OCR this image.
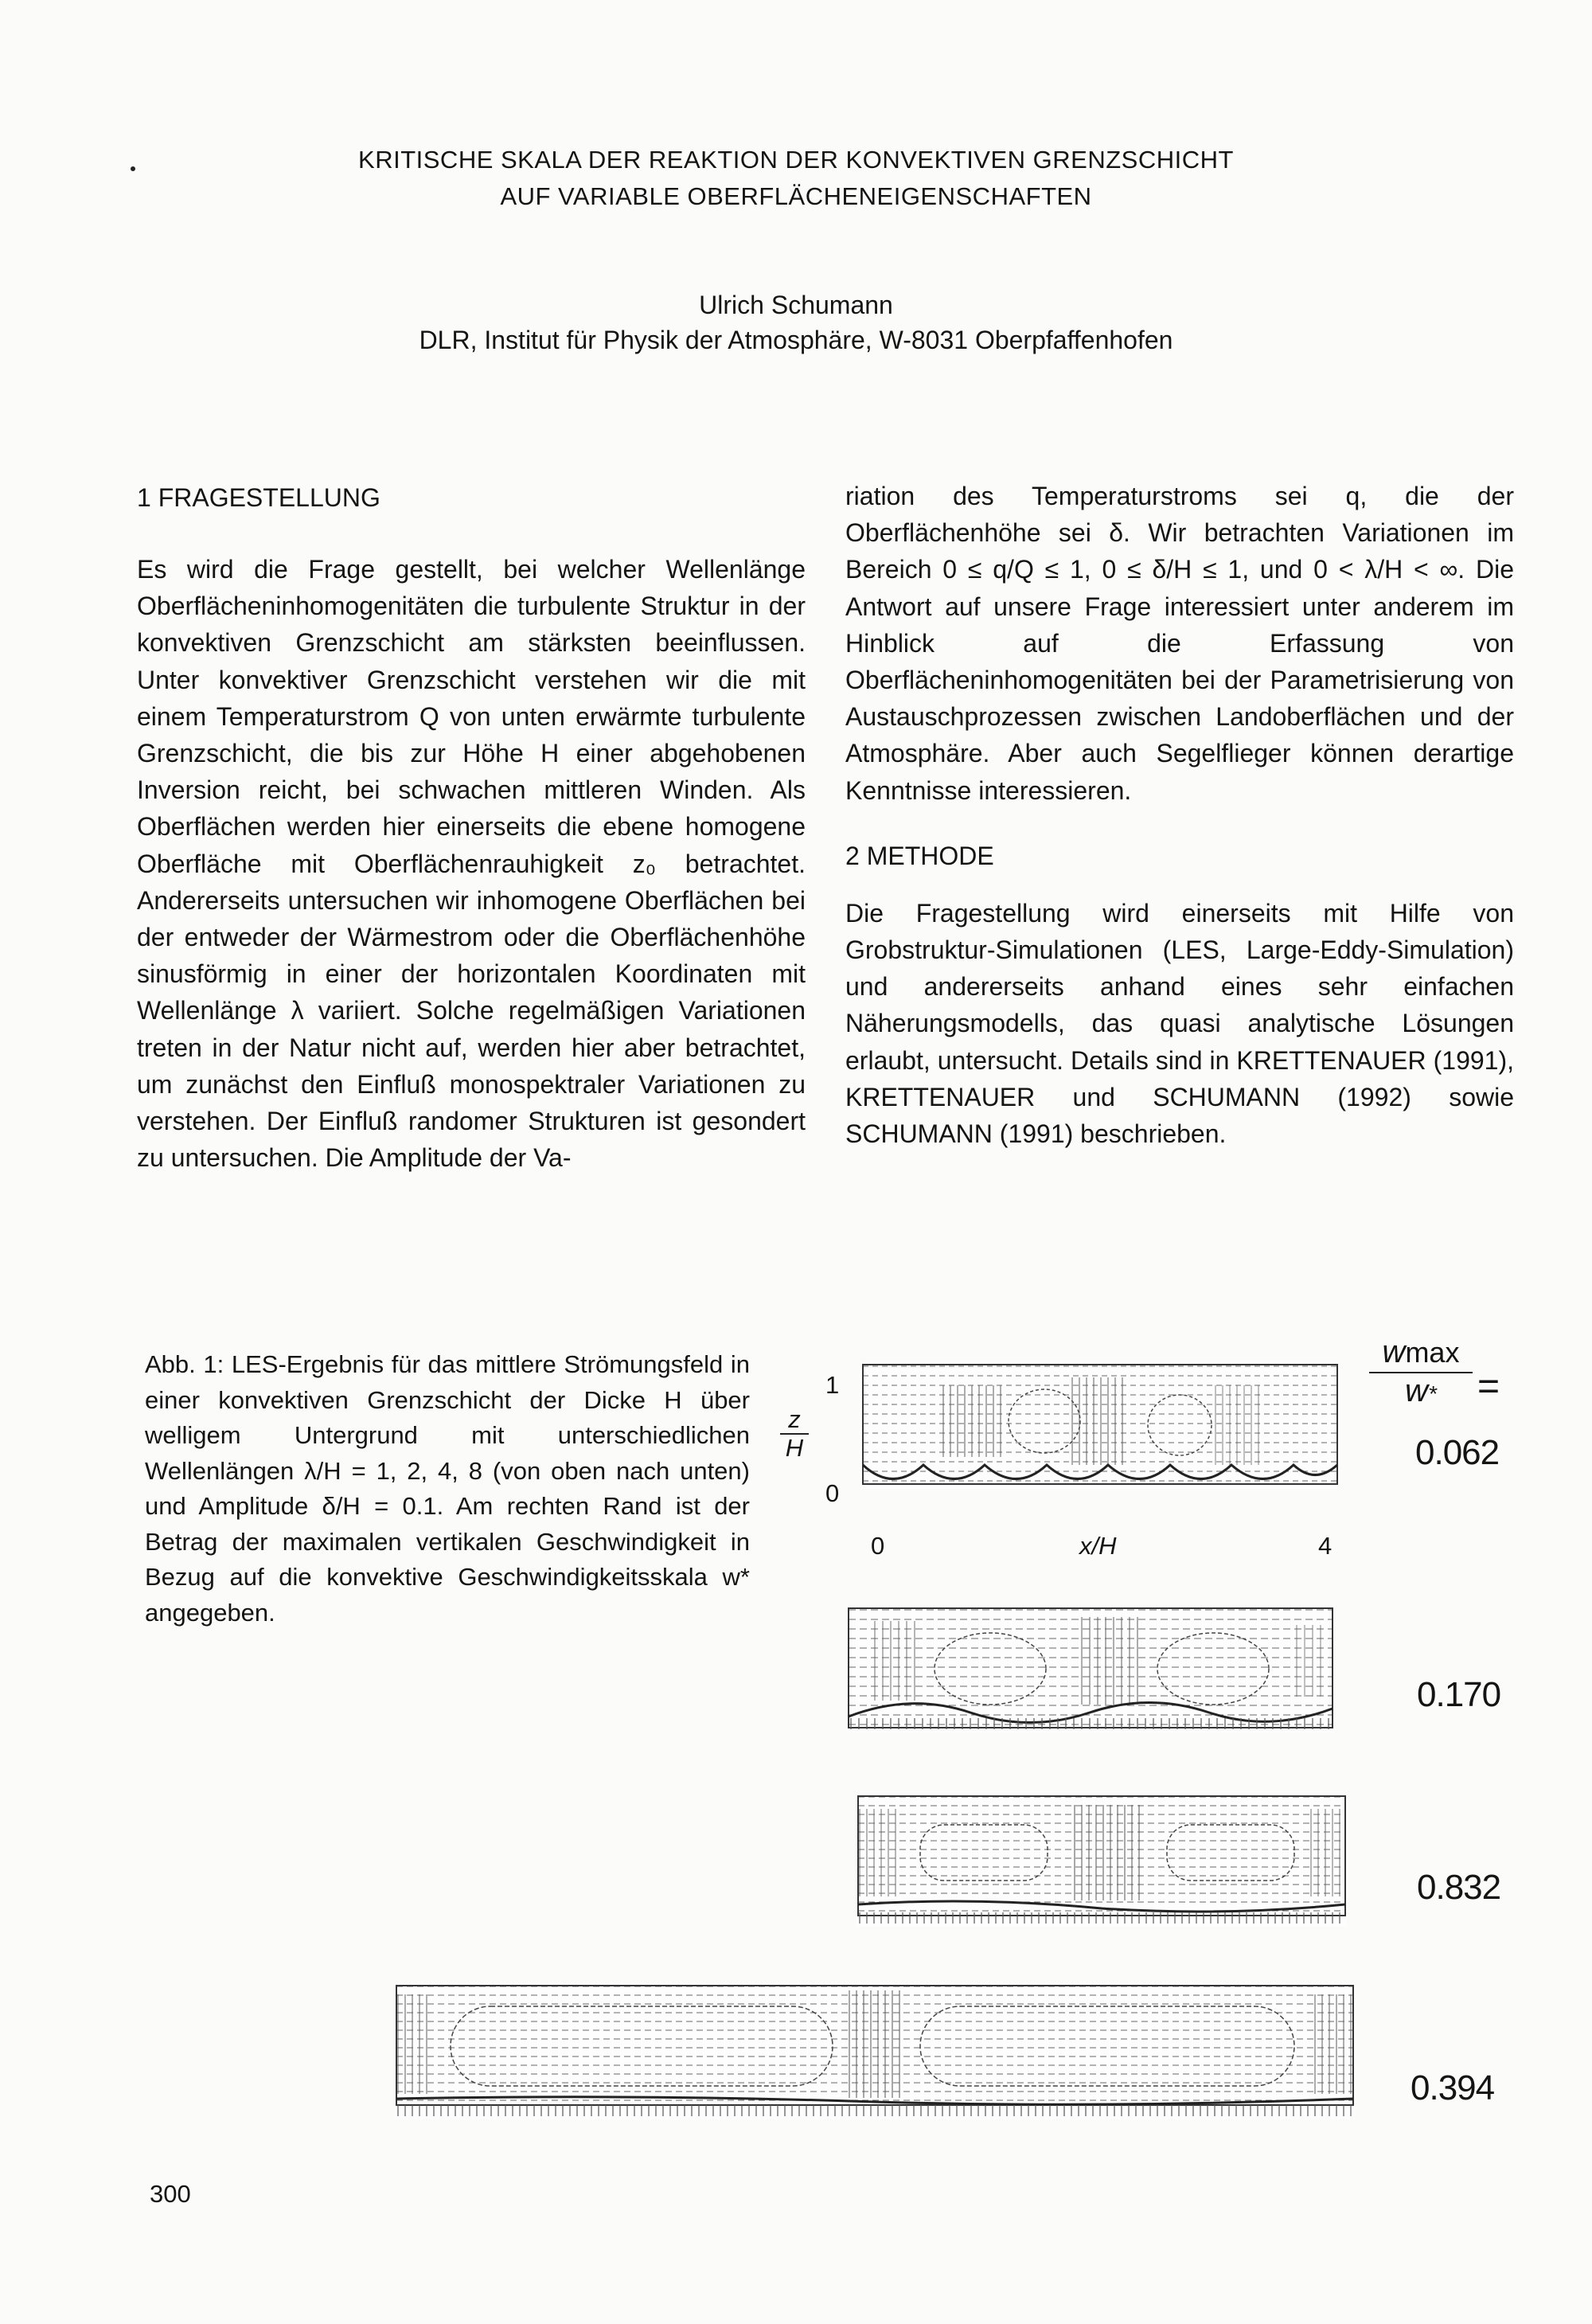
KRITISCHE SKALA DER REAKTION DER KONVEKTIVEN GRENZSCHICHT
AUF VARIABLE OBERFLÄCHENEIGENSCHAFTEN
Ulrich Schumann
DLR, Institut für Physik der Atmosphäre, W-8031 Oberpfaffenhofen
1 FRAGESTELLUNG

Es wird die Frage gestellt, bei welcher Wellenlänge Oberflächeninhomogenitäten die turbulente Struktur in der konvektiven Grenzschicht am stärksten beeinflussen. Unter konvektiver Grenzschicht verstehen wir die mit einem Temperaturstrom Q von unten erwärmte turbulente Grenzschicht, die bis zur Höhe H einer abgehobenen Inversion reicht, bei schwachen mittleren Winden. Als Oberflächen werden hier einerseits die ebene homogene Oberfläche mit Oberflächenrauhigkeit z₀ betrachtet. Andererseits untersuchen wir inhomogene Oberflächen bei der entweder der Wärmestrom oder die Oberflächenhöhe sinusförmig in einer der horizontalen Koordinaten mit Wellenlänge λ variiert. Solche regelmäßigen Variationen treten in der Natur nicht auf, werden hier aber betrachtet, um zunächst den Einfluß monospektraler Variationen zu verstehen. Der Einfluß randomer Strukturen ist gesondert zu untersuchen. Die Amplitude der Va-

riation des Temperaturstroms sei q, die der Oberflächenhöhe sei δ. Wir betrachten Variationen im Bereich 0 ≤ q/Q ≤ 1, 0 ≤ δ/H ≤ 1, und 0 < λ/H < ∞. Die Antwort auf unsere Frage interessiert unter anderem im Hinblick auf die Erfassung von Oberflächeninhomogenitäten bei der Parametrisierung von Austauschprozessen zwischen Landoberflächen und der Atmosphäre. Aber auch Segelflieger können derartige Kenntnisse interessieren.

2 METHODE

Die Fragestellung wird einerseits mit Hilfe von Grobstruktur-Simulationen (LES, Large-Eddy-Simulation) und andererseits anhand eines sehr einfachen Näherungsmodells, das quasi analytische Lösungen erlaubt, untersucht. Details sind in KRETTENAUER (1991), KRETTENAUER und SCHUMANN (1992) sowie SCHUMANN (1991) beschrieben.

Abb. 1: LES-Ergebnis für das mittlere Strömungsfeld in einer konvektiven Grenzschicht der Dicke H über welligem Untergrund mit unterschiedlichen Wellenlängen λ/H = 1, 2, 4, 8 (von oben nach unten) und Amplitude δ/H = 0.1. Am rechten Rand ist der Betrag der maximalen vertikalen Geschwindigkeit in Bezug auf die konvektive Geschwindigkeitsskala w* angegeben.

1
0
$\frac{z}{H}$
0	x/H	4
wmax
w*	=
0.062
0.170
0.832
0.394
300
